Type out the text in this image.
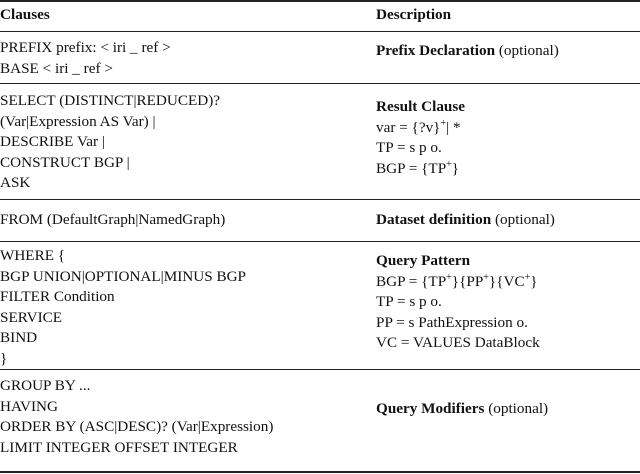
Clauses	Description
PREFIX prefix: < iri _ ref >
BASE < iri _ ref >
Prefix Declaration (optional)
SELECT (DISTINCT|REDUCED)?
(Var|Expression AS Var) |
DESCRIBE Var |
CONSTRUCT BGP |
ASK
Result Clause
var = {?v}+| *
TP = s p o.
BGP = {TP+}
FROM (DefaultGraph|NamedGraph)	Dataset definition (optional)
WHERE {
BGP UNION|OPTIONAL|MINUS BGP
FILTER Condition
SERVICE
BIND
}
Query Pattern
BGP = {TP+}{PP+}{VC+}
TP = s p o.
PP = s PathExpression o.
VC = VALUES DataBlock
GROUP BY ...
HAVING
ORDER BY (ASC|DESC)? (Var|Expression)
LIMIT INTEGER OFFSET INTEGER
Query Modifiers (optional)
